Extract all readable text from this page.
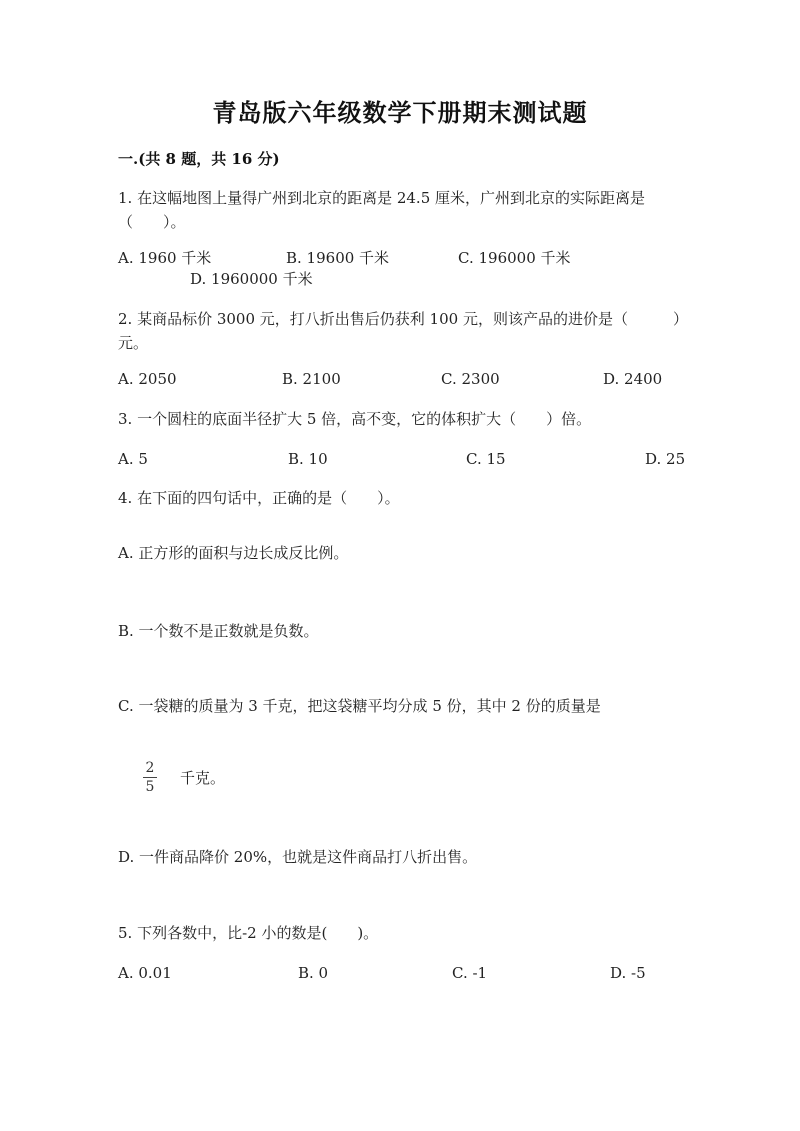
青岛版六年级数学下册期末测试题
一.(共 8 题，共 16 分)
1. 在这幅地图上量得广州到北京的距离是 24.5 厘米，广州到北京的实际距离是（　　）。
A. 1960 千米	B. 19600 千米	C. 196000 千米
D. 1960000 千米
2. 某商品标价 3000 元，打八折出售后仍获利 100 元，则该产品的进价是（　　　）元。
A. 2050	B. 2100	C. 2300	D. 2400
3. 一个圆柱的底面半径扩大 5 倍，高不变，它的体积扩大（　　）倍。
A. 5	B. 10	C. 15	D. 25
4. 在下面的四句话中，正确的是（　　）。
A. 正方形的面积与边长成反比例。
B. 一个数不是正数就是负数。
C. 一袋糖的质量为 3 千克，把这袋糖平均分成 5 份，其中 2 份的质量是
2
5	千克。
D. 一件商品降价 20%，也就是这件商品打八折出售。
5. 下列各数中，比-2 小的数是(　　)。
A. 0.01	B. 0	C. -1	D. -5
